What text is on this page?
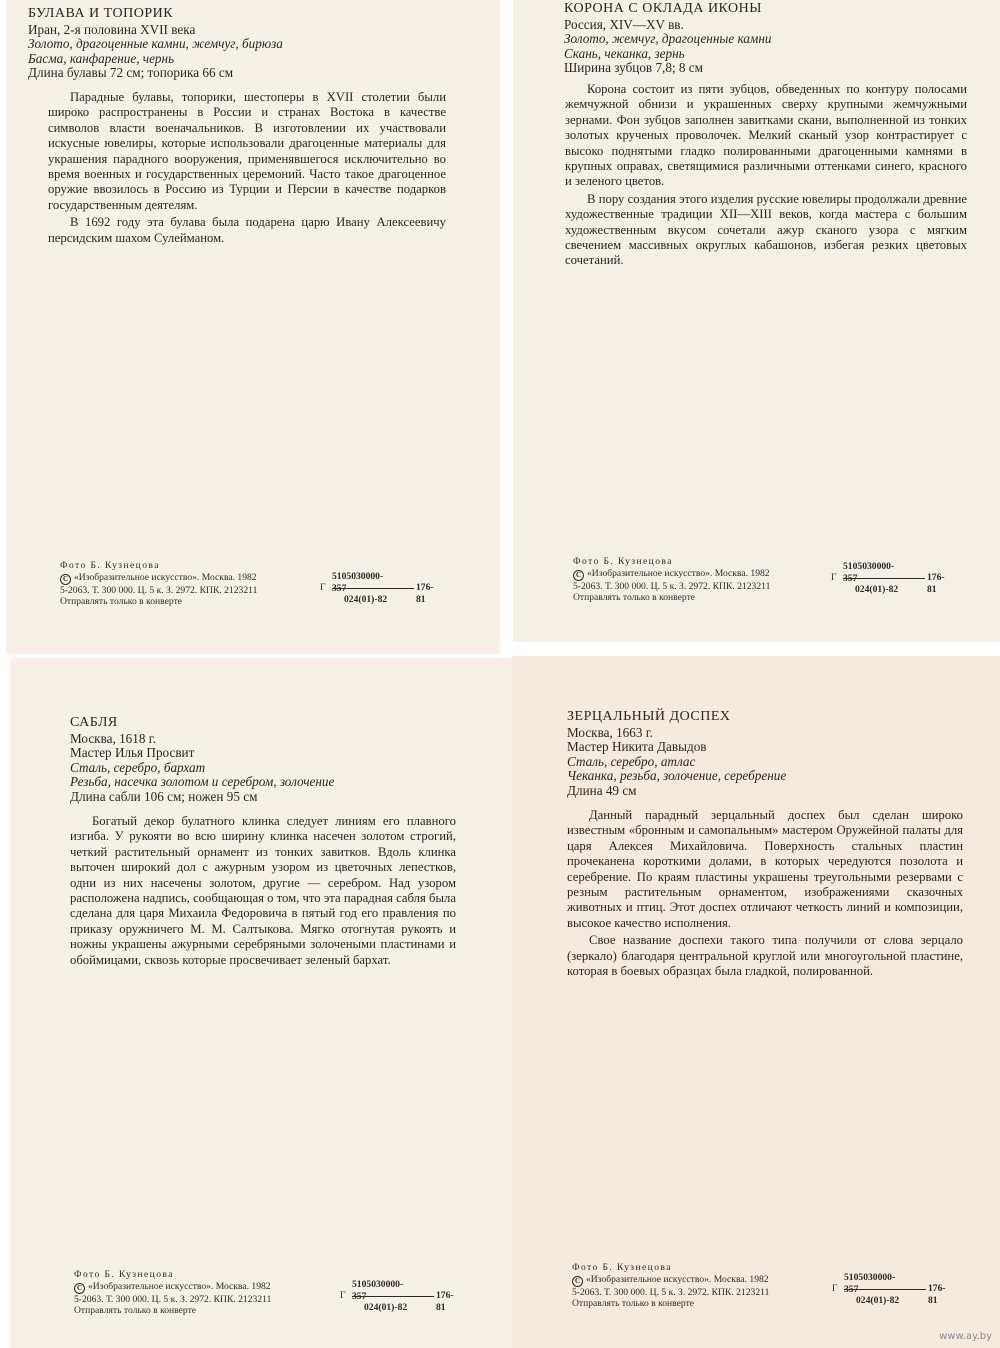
БУЛАВА И ТОПОРИК
Иран, 2-я половина XVII века
Золото, драгоценные камни, жемчуг, бирюза
Басма, канфарение, чернь
Длина булавы 72 см; топорика 66 см

Парадные булавы, топорики, шестоперы в XVII столетии были широко распространены в России и странах Востока в качестве символов власти военачальников. В изготовлении их участвовали искусные ювелиры, которые использовали драгоценные материалы для украшения парадного вооружения, применявшегося исключительно во время военных и государственных церемоний. Часто такое драгоценное оружие ввозилось в Россию из Турции и Персии в качестве подарков государственным деятелям.

В 1692 году эта булава была подарена царю Ивану Алексеевичу персидским шахом Сулейманом.

Фото Б. Кузнецова
C «Изобразительное искусство». Москва. 1982
5-2063. Т. 300 000. Ц. 5 к. З. 2972. КПК. 2123211
Отправлять только в конверте
Г
5105030000-357	176-81
024(01)-82
КОРОНА С ОКЛАДА ИКОНЫ
Россия, XIV—XV вв.
Золото, жемчуг, драгоценные камни
Скань, чеканка, зернь
Ширина зубцов 7,8; 8 см

Корона состоит из пяти зубцов, обведенных по контуру полосами жемчужной обнизи и украшенных сверху крупными жемчужными зернами. Фон зубцов заполнен завитками скани, выполненной из тонких золотых крученых проволочек. Мелкий сканый узор контрастирует с высоко поднятыми гладко полированными драгоценными камнями в крупных оправах, светящимися различными оттенками синего, красного и зеленого цветов.

В пору создания этого изделия русские ювелиры продолжали древние художественные традиции XII—XIII веков, когда мастера с большим художественным вкусом сочетали ажур сканого узора с мягким свечением массивных округлых кабашонов, избегая резких цветовых сочетаний.

Фото Б. Кузнецова
C «Изобразительное искусство». Москва. 1982
5-2063. Т. 300 000. Ц. 5 к. З. 2972. КПК. 2123211
Отправлять только в конверте
Г
5105030000-357	176-81
024(01)-82
САБЛЯ
Москва, 1618 г.
Мастер Илья Просвит
Сталь, серебро, бархат
Резьба, насечка золотом и серебром, золочение
Длина сабли 106 см; ножен 95 см

Богатый декор булатного клинка следует линиям его плавного изгиба. У рукояти во всю ширину клинка насечен золотом строгий, четкий растительный орнамент из тонких завитков. Вдоль клинка выточен широкий дол с ажурным узором из цветочных лепестков, одни из них насечены золотом, другие — серебром. Над узором расположена надпись, сообщающая о том, что эта парадная сабля была сделана для царя Михаила Федоровича в пятый год его правления по приказу оружничего М. М. Салтыкова. Мягко отогнутая рукоять и ножны украшены ажурными серебряными золочеными пластинами и обоймицами, сквозь которые просвечивает зеленый бархат.

Фото Б. Кузнецова
C «Изобразительное искусство». Москва. 1982
5-2063. Т. 300 000. Ц. 5 к. З. 2972. КПК. 2123211
Отправлять только в конверте
Г
5105030000-357	176-81
024(01)-82
ЗЕРЦАЛЬНЫЙ ДОСПЕХ
Москва, 1663 г.
Мастер Никита Давыдов
Сталь, серебро, атлас
Чеканка, резьба, золочение, серебрение
Длина 49 см

Данный парадный зерцальный доспех был сделан широко известным «бронным и самопальным» мастером Оружейной палаты для царя Алексея Михайловича. Поверхность стальных пластин прочеканена короткими долами, в которых чередуются позолота и серебрение. По краям пластины украшены треугольными резервами с резным растительным орнаментом, изображениями сказочных животных и птиц. Этот доспех отличают четкость линий и композиции, высокое качество исполнения.

Свое название доспехи такого типа получили от слова зерцало (зеркало) благодаря центральной круглой или многоугольной пластине, которая в боевых образцах была гладкой, полированной.

Фото Б. Кузнецова
C «Изобразительное искусство». Москва. 1982
5-2063. Т. 300 000. Ц. 5 к. З. 2972. КПК. 2123211
Отправлять только в конверте
Г
5105030000-357	176-81
024(01)-82
www.ay.by
